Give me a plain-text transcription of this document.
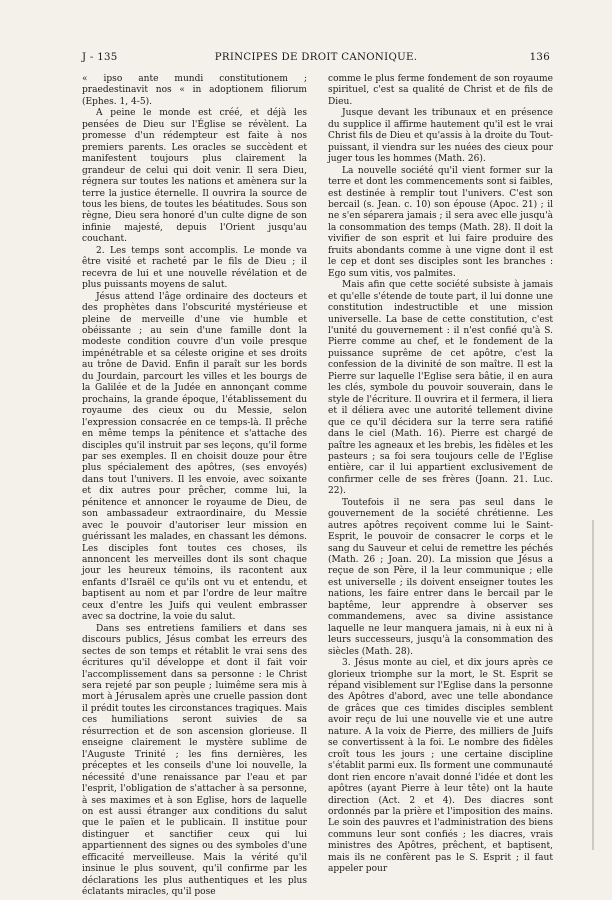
J - 135	PRINCIPES DE DROIT CANONIQUE.	136

« ipso ante mundi constitutionem ; praedestinavit nos « in adoptionem filiorum (Ephes. 1, 4-5).

A peine le monde est créé, et déjà les pensées de Dieu sur l'Église se révèlent. La promesse d'un rédempteur est faite à nos premiers parents. Les oracles se succèdent et manifestent toujours plus clairement la grandeur de celui qui doit venir. Il sera Dieu, régnera sur toutes les nations et amènera sur la terre la justice éternelle. Il ouvrira la source de tous les biens, de toutes les béatitudes. Sous son règne, Dieu sera honoré d'un culte digne de son infinie majesté, depuis l'Orient jusqu'au couchant.

2. Les temps sont accomplis. Le monde va être visité et racheté par le fils de Dieu ; il recevra de lui et une nouvelle révélation et de plus puissants moyens de salut.

Jésus attend l'âge ordinaire des docteurs et des prophètes dans l'obscurité mystérieuse et pleine de merveille d'une vie humble et obéissante ; au sein d'une famille dont la modeste condition couvre d'un voile presque impénétrable et sa céleste origine et ses droits au trône de David. Enfin il paraît sur les bords du Jourdain, parcourt les villes et les bourgs de la Galilée et de la Judée en annonçant comme prochains, la grande époque, l'établissement du royaume des cieux ou du Messie, selon l'expression consacrée en ce temps-là. Il prêche en même temps la pénitence et s'attache des disciples qu'il instruit par ses leçons, qu'il forme par ses exemples. Il en choisit douze pour être plus spécialement des apôtres, (ses envoyés) dans tout l'univers. Il les envoie, avec soixante et dix autres pour prêcher, comme lui, la pénitence et annoncer le royaume de Dieu, de son ambassadeur extraordinaire, du Messie avec le pouvoir d'autoriser leur mission en guérissant les malades, en chassant les démons. Les disciples font toutes ces choses, ils annoncent les merveilles dont ils sont chaque jour les heureux témoins, ils racontent aux enfants d'Israël ce qu'ils ont vu et entendu, et baptisent au nom et par l'ordre de leur maître ceux d'entre les Juifs qui veulent embrasser avec sa doctrine, la voie du salut.

Dans ses entretiens familiers et dans ses discours publics, Jésus combat les erreurs des sectes de son temps et rétablit le vrai sens des écritures qu'il développe et dont il fait voir l'accomplissement dans sa personne : le Christ sera rejeté par son peuple ; luimême sera mis à mort à Jérusalem après une cruelle passion dont il prédit toutes les circonstances tragiques. Mais ces humiliations seront suivies de sa résurrection et de son ascension glorieuse. Il enseigne clairement le mystère sublime de l'Auguste Trinité ; les fins dernières, les préceptes et les conseils d'une loi nouvelle, la nécessité d'une renaissance par l'eau et par l'esprit, l'obligation de s'attacher à sa personne, à ses maximes et à son Eglise, hors de laquelle on est aussi étranger aux conditions du salut que le païen et le publicain. Il institue pour distinguer et sanctifier ceux qui lui appartiennent des signes ou des symboles d'une efficacité merveilleuse. Mais la vérité qu'il insinue le plus souvent, qu'il confirme par les déclarations les plus authentiques et les plus éclatants miracles, qu'il pose

comme le plus ferme fondement de son royaume spirituel, c'est sa qualité de Christ et de fils de Dieu.

Jusque devant les tribunaux et en présence du supplice il affirme hautement qu'il est le vrai Christ fils de Dieu et qu'assis à la droite du Tout-puissant, il viendra sur les nuées des cieux pour juger tous les hommes (Math. 26).

La nouvelle société qu'il vient former sur la terre et dont les commencements sont si faibles, est destinée à remplir tout l'univers. C'est son bercail (s. Jean. c. 10) son épouse (Apoc. 21) ; il ne s'en séparera jamais ; il sera avec elle jusqu'à la consommation des temps (Math. 28). Il doit la vivifier de son esprit et lui faire produire des fruits abondants comme à une vigne dont il est le cep et dont ses disciples sont les branches : Ego sum vitis, vos palmites.

Mais afin que cette société subsiste à jamais et qu'elle s'étende de toute part, il lui donne une constitution indestructible et une mission universelle. La base de cette constitution, c'est l'unité du gouvernement : il n'est confié qu'à S. Pierre comme au chef, et le fondement de la puissance suprême de cet apôtre, c'est la confession de la divinité de son maître. Il est la Pierre sur laquelle l'Eglise sera bâtie, il en aura les clés, symbole du pouvoir souverain, dans le style de l'écriture. Il ouvrira et il fermera, il liera et il déliera avec une autorité tellement divine que ce qu'il décidera sur la terre sera ratifié dans le ciel (Math. 16). Pierre est chargé de paître les agneaux et les brebis, les fidèles et les pasteurs ; sa foi sera toujours celle de l'Eglise entière, car il lui appartient exclusivement de confirmer celle de ses frères (Joann. 21. Luc. 22).

Toutefois il ne sera pas seul dans le gouvernement de la société chrétienne. Les autres apôtres reçoivent comme lui le Saint-Esprit, le pouvoir de consacrer le corps et le sang du Sauveur et celui de remettre les péchés (Math. 26 ; Joan. 20). La mission que Jésus a reçue de son Père, il la leur communique ; elle est universelle ; ils doivent enseigner toutes les nations, les faire entrer dans le bercail par le baptême, leur apprendre à observer ses commandemens, avec sa divine assistance laquelle ne leur manquera jamais, ni à eux ni à leurs successeurs, jusqu'à la consommation des siècles (Math. 28).

3. Jésus monte au ciel, et dix jours après ce glorieux triomphe sur la mort, le St. Esprit se répand visiblement sur l'Eglise dans la personne des Apôtres d'abord, avec une telle abondance de grâces que ces timides disciples semblent avoir reçu de lui une nouvelle vie et une autre nature. A la voix de Pierre, des milliers de Juifs se convertissent à la foi. Le nombre des fidèles croît tous les jours ; une certaine discipline s'établit parmi eux. Ils forment une communauté dont rien encore n'avait donné l'idée et dont les apôtres (ayant Pierre à leur tête) ont la haute direction (Act. 2 et 4). Des diacres sont ordonnés par la prière et l'imposition des mains. Le soin des pauvres et l'administration des biens communs leur sont confiés ; les diacres, vrais ministres des Apôtres, prêchent, et baptisent, mais ils ne confèrent pas le S. Esprit ; il faut appeler pour
